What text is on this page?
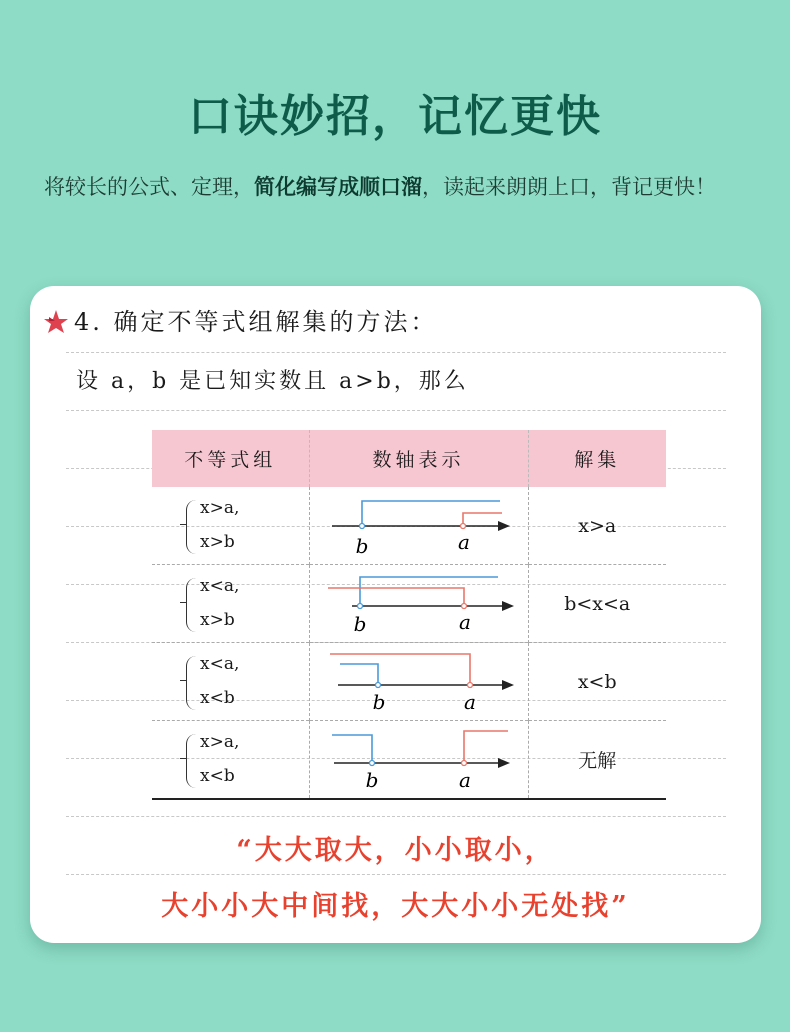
口诀妙招，记忆更快
将较长的公式、定理，简化编写成顺口溜，读起来朗朗上口，背记更快！
4. 确定不等式组解集的方法：
设 a，b 是已知实数且 a>b，那么
不等式组	数轴表示	解集

x>a,
x>b	b a	x>a

x<a,
x>b	b a	b<x<a

x<a,
x<b	b a	x<b

x>a,
x<b	b a	无解
“大大取大，小小取小，
大小小大中间找，大大小小无处找”
